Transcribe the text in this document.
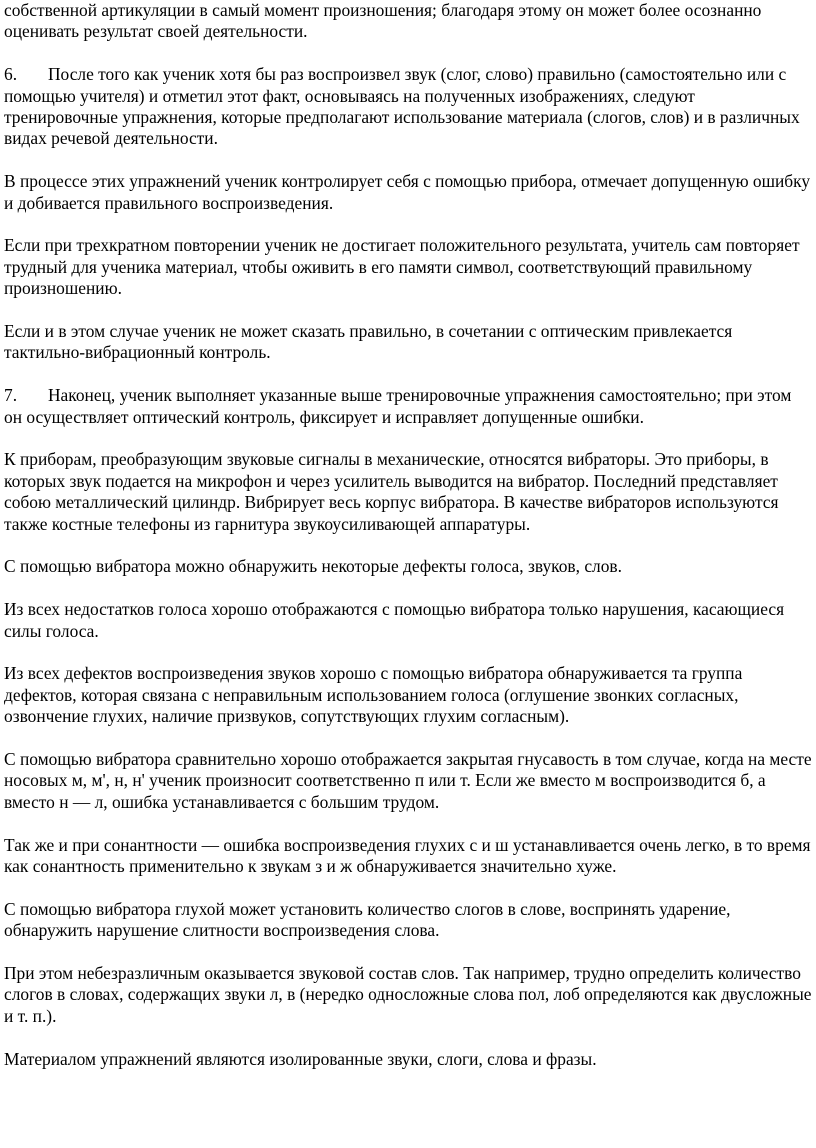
собственной артикуляции в самый момент произношения; благодаря этому он может более осознанно оценивать результат своей деятельности.

6. После того как ученик хотя бы раз воспроизвел звук (слог, слово) правильно (самостоятельно или с помощью учителя) и отметил этот факт, основываясь на полученных изображениях, следуют тренировочные упражнения, которые предполагают использование материала (слогов, слов) и в различных видах речевой деятельности.

В процессе этих упражнений ученик контролирует себя с помощью прибора, отмечает допущенную ошибку и добивается правильного воспроизведения.

Если при трехкратном повторении ученик не достигает положительного результата, учитель сам повторяет трудный для ученика материал, чтобы оживить в его памяти символ, соответствующий правильному произношению.

Если и в этом случае ученик не может сказать правильно, в сочетании с оптическим привлекается тактильно-вибрационный контроль.

7. Наконец, ученик выполняет указанные выше тренировочные упражнения самостоятельно; при этом он осуществляет оптический контроль, фиксирует и исправляет допущенные ошибки.

К приборам, преобразующим звуковые сигналы в механические, относятся вибраторы. Это приборы, в которых звук подается на микрофон и через усилитель выводится на вибратор. Последний представляет собою металлический цилиндр. Вибрирует весь корпус вибратора. В качестве вибраторов используются также костные телефоны из гарнитура звукоусиливающей аппаратуры.

С помощью вибратора можно обнаружить некоторые дефекты голоса, звуков, слов.

Из всех недостатков голоса хорошо отображаются с помощью вибратора только нарушения, касающиеся силы голоса.

Из всех дефектов воспроизведения звуков хорошо с помощью вибратора обнаруживается та группа дефектов, которая связана с неправильным использованием голоса (оглушение звонких согласных, озвончение глухих, наличие призвуков, сопутствующих глухим согласным).

С помощью вибратора сравнительно хорошо отображается закрытая гнусавость в том случае, когда на месте носовых м, м', н, н' ученик произносит соответственно п или т. Если же вместо м воспроизводится б, а вместо н — л, ошибка устанавливается с большим трудом.

Так же и при сонантности — ошибка воспроизведения глухих с и ш устанавливается очень легко, в то время как сонантность применительно к звукам з и ж обнаруживается значительно хуже.

С помощью вибратора глухой может установить количество слогов в слове, воспринять ударение, обнаружить нарушение слитности воспроизведения слова.

При этом небезразличным оказывается звуковой состав слов. Так например, трудно определить количество слогов в словах, содержащих звуки л, в (нередко односложные слова пол, лоб определяются как двусложные и т. п.).

Материалом упражнений являются изолированные звуки, слоги, слова и фразы.
